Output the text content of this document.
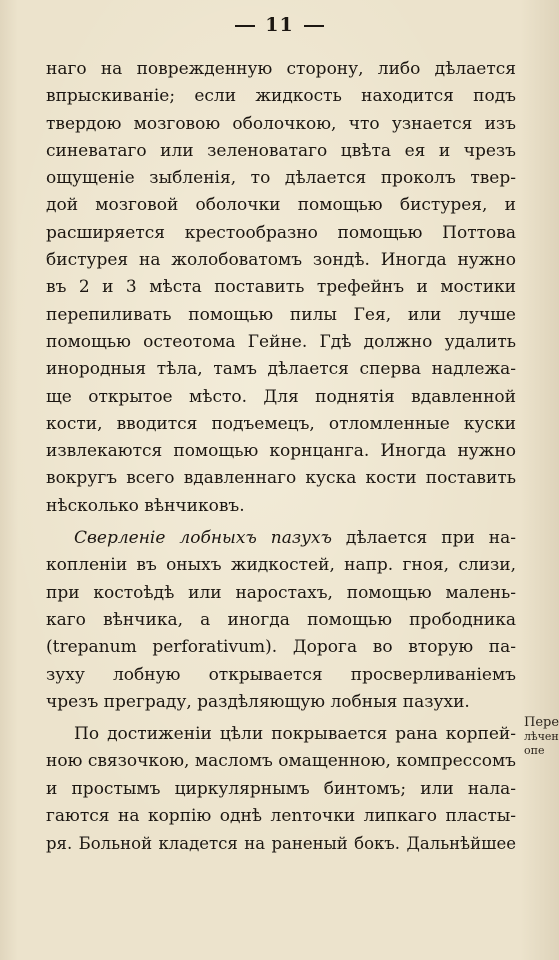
11
наго на поврежденную сторону, либо дѣлается
впрыскиваніе; если жидкость находится подъ
твердою мозговою оболочкою, что узнается изъ
синеватаго или зеленоватаго цвѣта ея и чрезъ
ощущеніе зыбленія, то дѣлается проколъ твер-
дой мозговой оболочки помощью бистурея, и
расширяется крестообразно помощью Поттова
бистурея на жолобоватомъ зондѣ. Иногда нужно
въ 2 и 3 мѣста поставить трефейнъ и мостики
перепиливать помощью пилы Гея, или лучше
помощью остеотома Гейне. Гдѣ должно удалить
инородныя тѣла, тамъ дѣлается сперва надлежа-
ще открытое мѣсто. Для поднятія вдавленной
кости, вводится подъемецъ, отломленные куски
извлекаются помощью корнцанга. Иногда нужно
вокругъ всего вдавленнаго куска кости поставить
нѣсколько вѣнчиковъ.
Сверленіе лобныхъ пазухъ дѣлается при на-
копленіи въ оныхъ жидкостей, напр. гноя, слизи,
при костоѣдѣ или наростахъ, помощью малень-
каго вѣнчика, а иногда помощью прободника
(trepanum perforativum). Дорога во вторую па-
зуху лобную открывается просверливаніемъ
чрезъ преграду, раздѣляющую лобныя пазухи.
По достиженіи цѣли покрывается рана корпей-
ною связочкою, масломъ омащенною, компрессомъ
и простымъ циркулярнымъ бинтомъ; или нала-
гаются на корпію однѣ леnточки липкаго пласты-
ря. Больной кладется на раненый бокъ. Дальнѣйшее
Пере
лѣчен
опе
